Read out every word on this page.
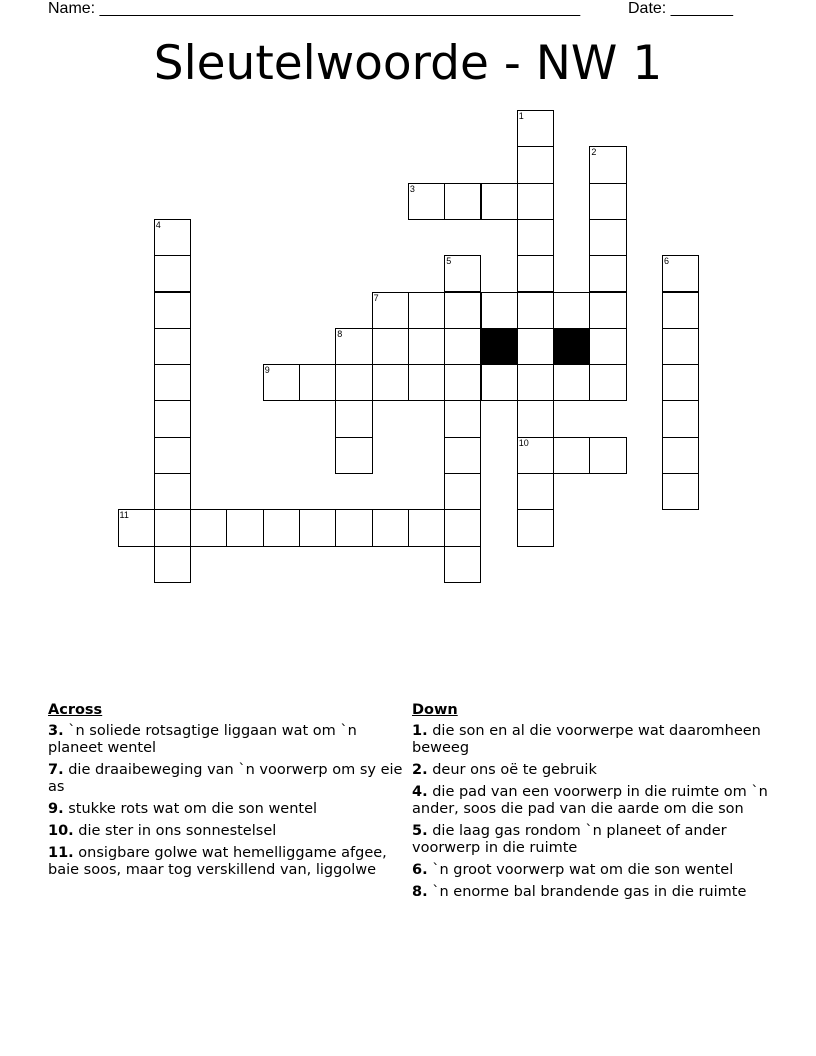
Name: ______________________________________________________	Date: _______
Sleutelwoorde - NW 1
1
10
2
3
4
5	6
7
8
9
11
Across
3. `n soliede rotsagtige liggaan wat om `n planeet wentel
7. die draaibeweging van `n voorwerp om sy eie as
9. stukke rots wat om die son wentel
10. die ster in ons sonnestelsel
11. onsigbare golwe wat hemelliggame afgee, baie soos, maar tog verskillend van, liggolwe
Down
1. die son en al die voorwerpe wat daaromheen beweeg
2. deur ons oë te gebruik
4. die pad van een voorwerp in die ruimte om `n ander, soos die pad van die aarde om die son
5. die laag gas rondom `n planeet of ander voorwerp in die ruimte
6. `n groot voorwerp wat om die son wentel
8. `n enorme bal brandende gas in die ruimte
